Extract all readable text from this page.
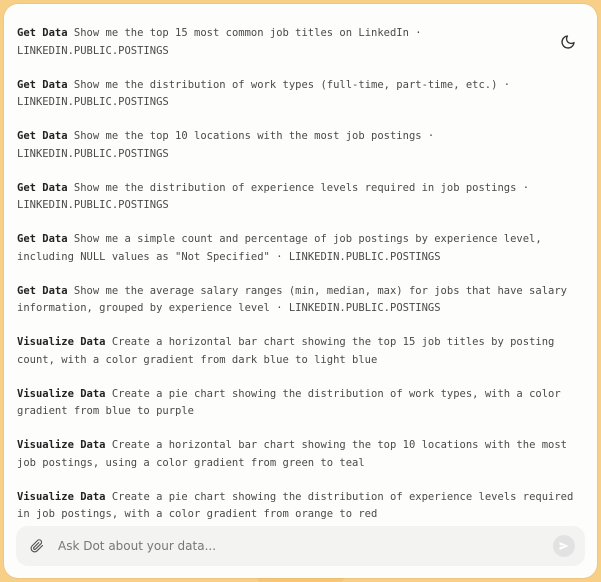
Get Data Show me the top 15 most common job titles on LinkedIn · LINKEDIN.PUBLIC.POSTINGS
Get Data Show me the distribution of work types (full-time, part-time, etc.) · LINKEDIN.PUBLIC.POSTINGS
Get Data Show me the top 10 locations with the most job postings · LINKEDIN.PUBLIC.POSTINGS
Get Data Show me the distribution of experience levels required in job postings · LINKEDIN.PUBLIC.POSTINGS
Get Data Show me a simple count and percentage of job postings by experience level, including NULL values as "Not Specified" · LINKEDIN.PUBLIC.POSTINGS
Get Data Show me the average salary ranges (min, median, max) for jobs that have salary information, grouped by experience level · LINKEDIN.PUBLIC.POSTINGS
Visualize Data Create a horizontal bar chart showing the top 15 job titles by posting count, with a color gradient from dark blue to light blue
Visualize Data Create a pie chart showing the distribution of work types, with a color gradient from blue to purple
Visualize Data Create a horizontal bar chart showing the top 10 locations with the most job postings, using a color gradient from green to teal
Visualize Data Create a pie chart showing the distribution of experience levels required in job postings, with a color gradient from orange to red
Ask Dot about your data...
